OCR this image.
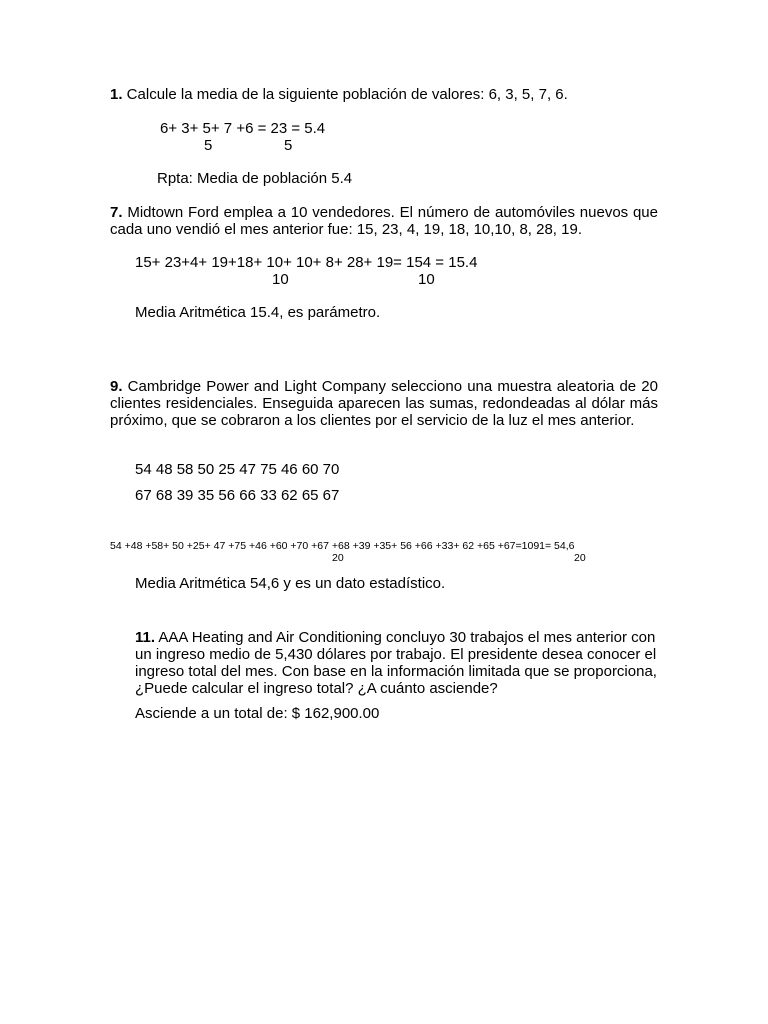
1. Calcule la media de la siguiente población de valores: 6, 3, 5, 7, 6.
6+ 3+ 5+ 7 +6 = 23 = 5.4
5	5
Rpta: Media de población 5.4
7. Midtown Ford emplea a 10 vendedores. El número de automóviles nuevos que cada uno vendió el mes anterior fue: 15, 23, 4, 19, 18, 10,10, 8, 28, 19.
15+ 23+4+ 19+18+ 10+ 10+ 8+ 28+ 19= 154 = 15.4
10	10
Media Aritmética 15.4, es parámetro.
9. Cambridge Power and Light Company selecciono una muestra aleatoria de 20 clientes residenciales. Enseguida aparecen las sumas, redondeadas al dólar más próximo, que se cobraron a los clientes por el servicio de la luz el mes anterior.
54 48 58 50 25 47 75 46 60 70
67 68 39 35 56 66 33 62 65 67
54 +48 +58+ 50 +25+ 47 +75 +46 +60 +70 +67 +68 +39 +35+ 56 +66 +33+ 62 +65 +67=1091= 54,6
20	20
Media Aritmética 54,6 y es un dato estadístico.
11. AAA Heating and Air Conditioning concluyo 30 trabajos el mes anterior con un ingreso medio de 5,430 dólares por trabajo. El presidente desea conocer el ingreso total del mes. Con base en la información limitada que se proporciona, ¿Puede calcular el ingreso total? ¿A cuánto asciende?
Asciende a un total de: $ 162,900.00
